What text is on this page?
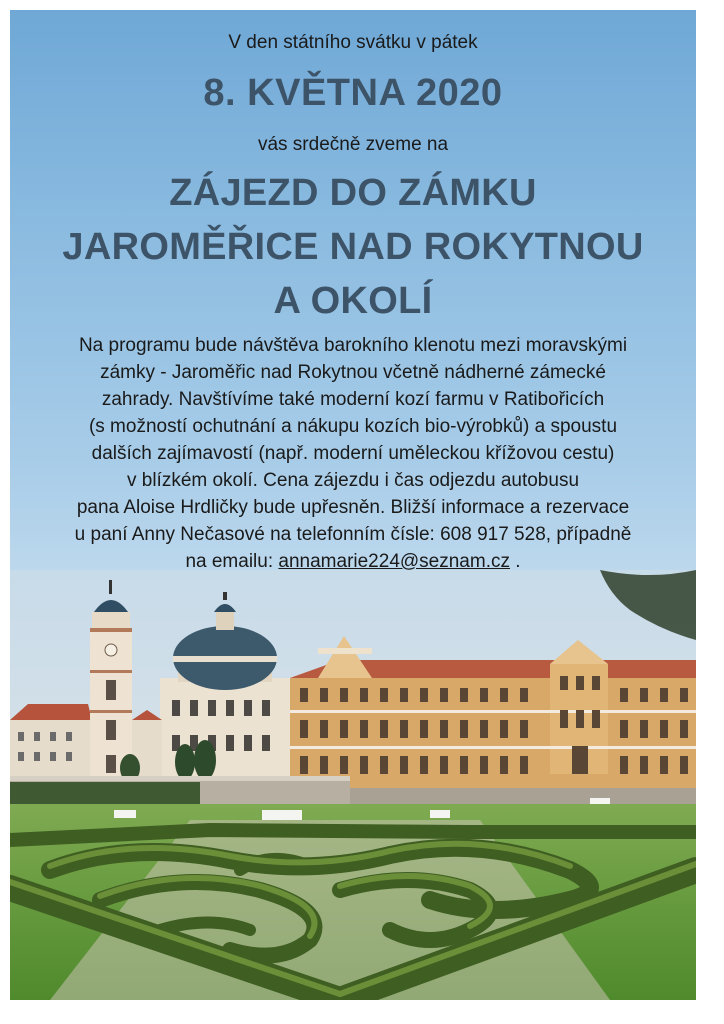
V den státního svátku v pátek
8. KVĚTNA 2020
vás srdečně zveme na
ZÁJEZD DO ZÁMKU
JAROMĚŘICE NAD ROKYTNOU
A OKOLÍ
Na programu bude návštěva barokního klenotu mezi moravskými
zámky - Jaroměřic nad Rokytnou včetně nádherné zámecké
zahrady. Navštívíme také moderní kozí farmu v Ratibořicích
(s možností ochutnání a nákupu kozích bio-výrobků) a spoustu
dalších zajímavostí (např. moderní uměleckou křížovou cestu)
v blízkém okolí. Cena zájezdu i čas odjezdu autobusu
pana Aloise Hrdličky bude upřesněn. Bližší informace a rezervace
u paní Anny Nečasové na telefonním čísle: 608 917 528, případně
na emailu: annamarie224@seznam.cz .
